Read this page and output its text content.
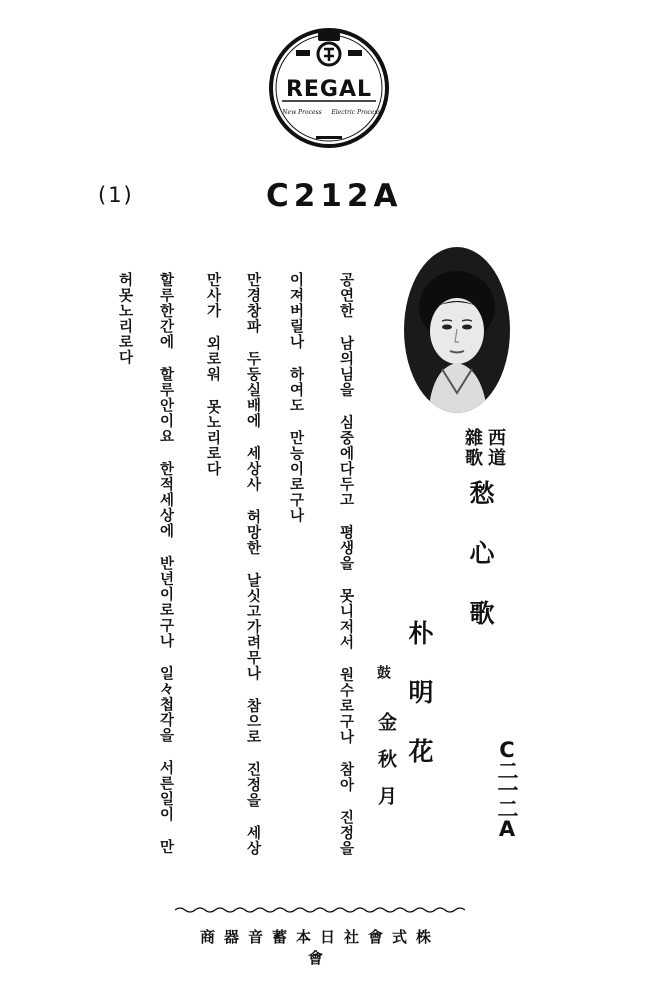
REGAL
New Process Electric Process
(1)	C212A
西道
雜歌
愁心歌
朴明花
鼓
金秋月	C二一二A
공연한 남의님을 심중에다두고 평생을 못니저서 원수로구나 참아 진정을
이져버릴나 하여도 만능이로구나
만경창파 두둥실배에 세상사 허망한 날싯고가려무나 참으로 진정을 세상
만사가 외로워 못노리로다
할루한간에 할루안이요 한적세상에 반년이로구나 일々첩각을 서른일이 만
허못노리로다
株式會社日本蓄音器商會
